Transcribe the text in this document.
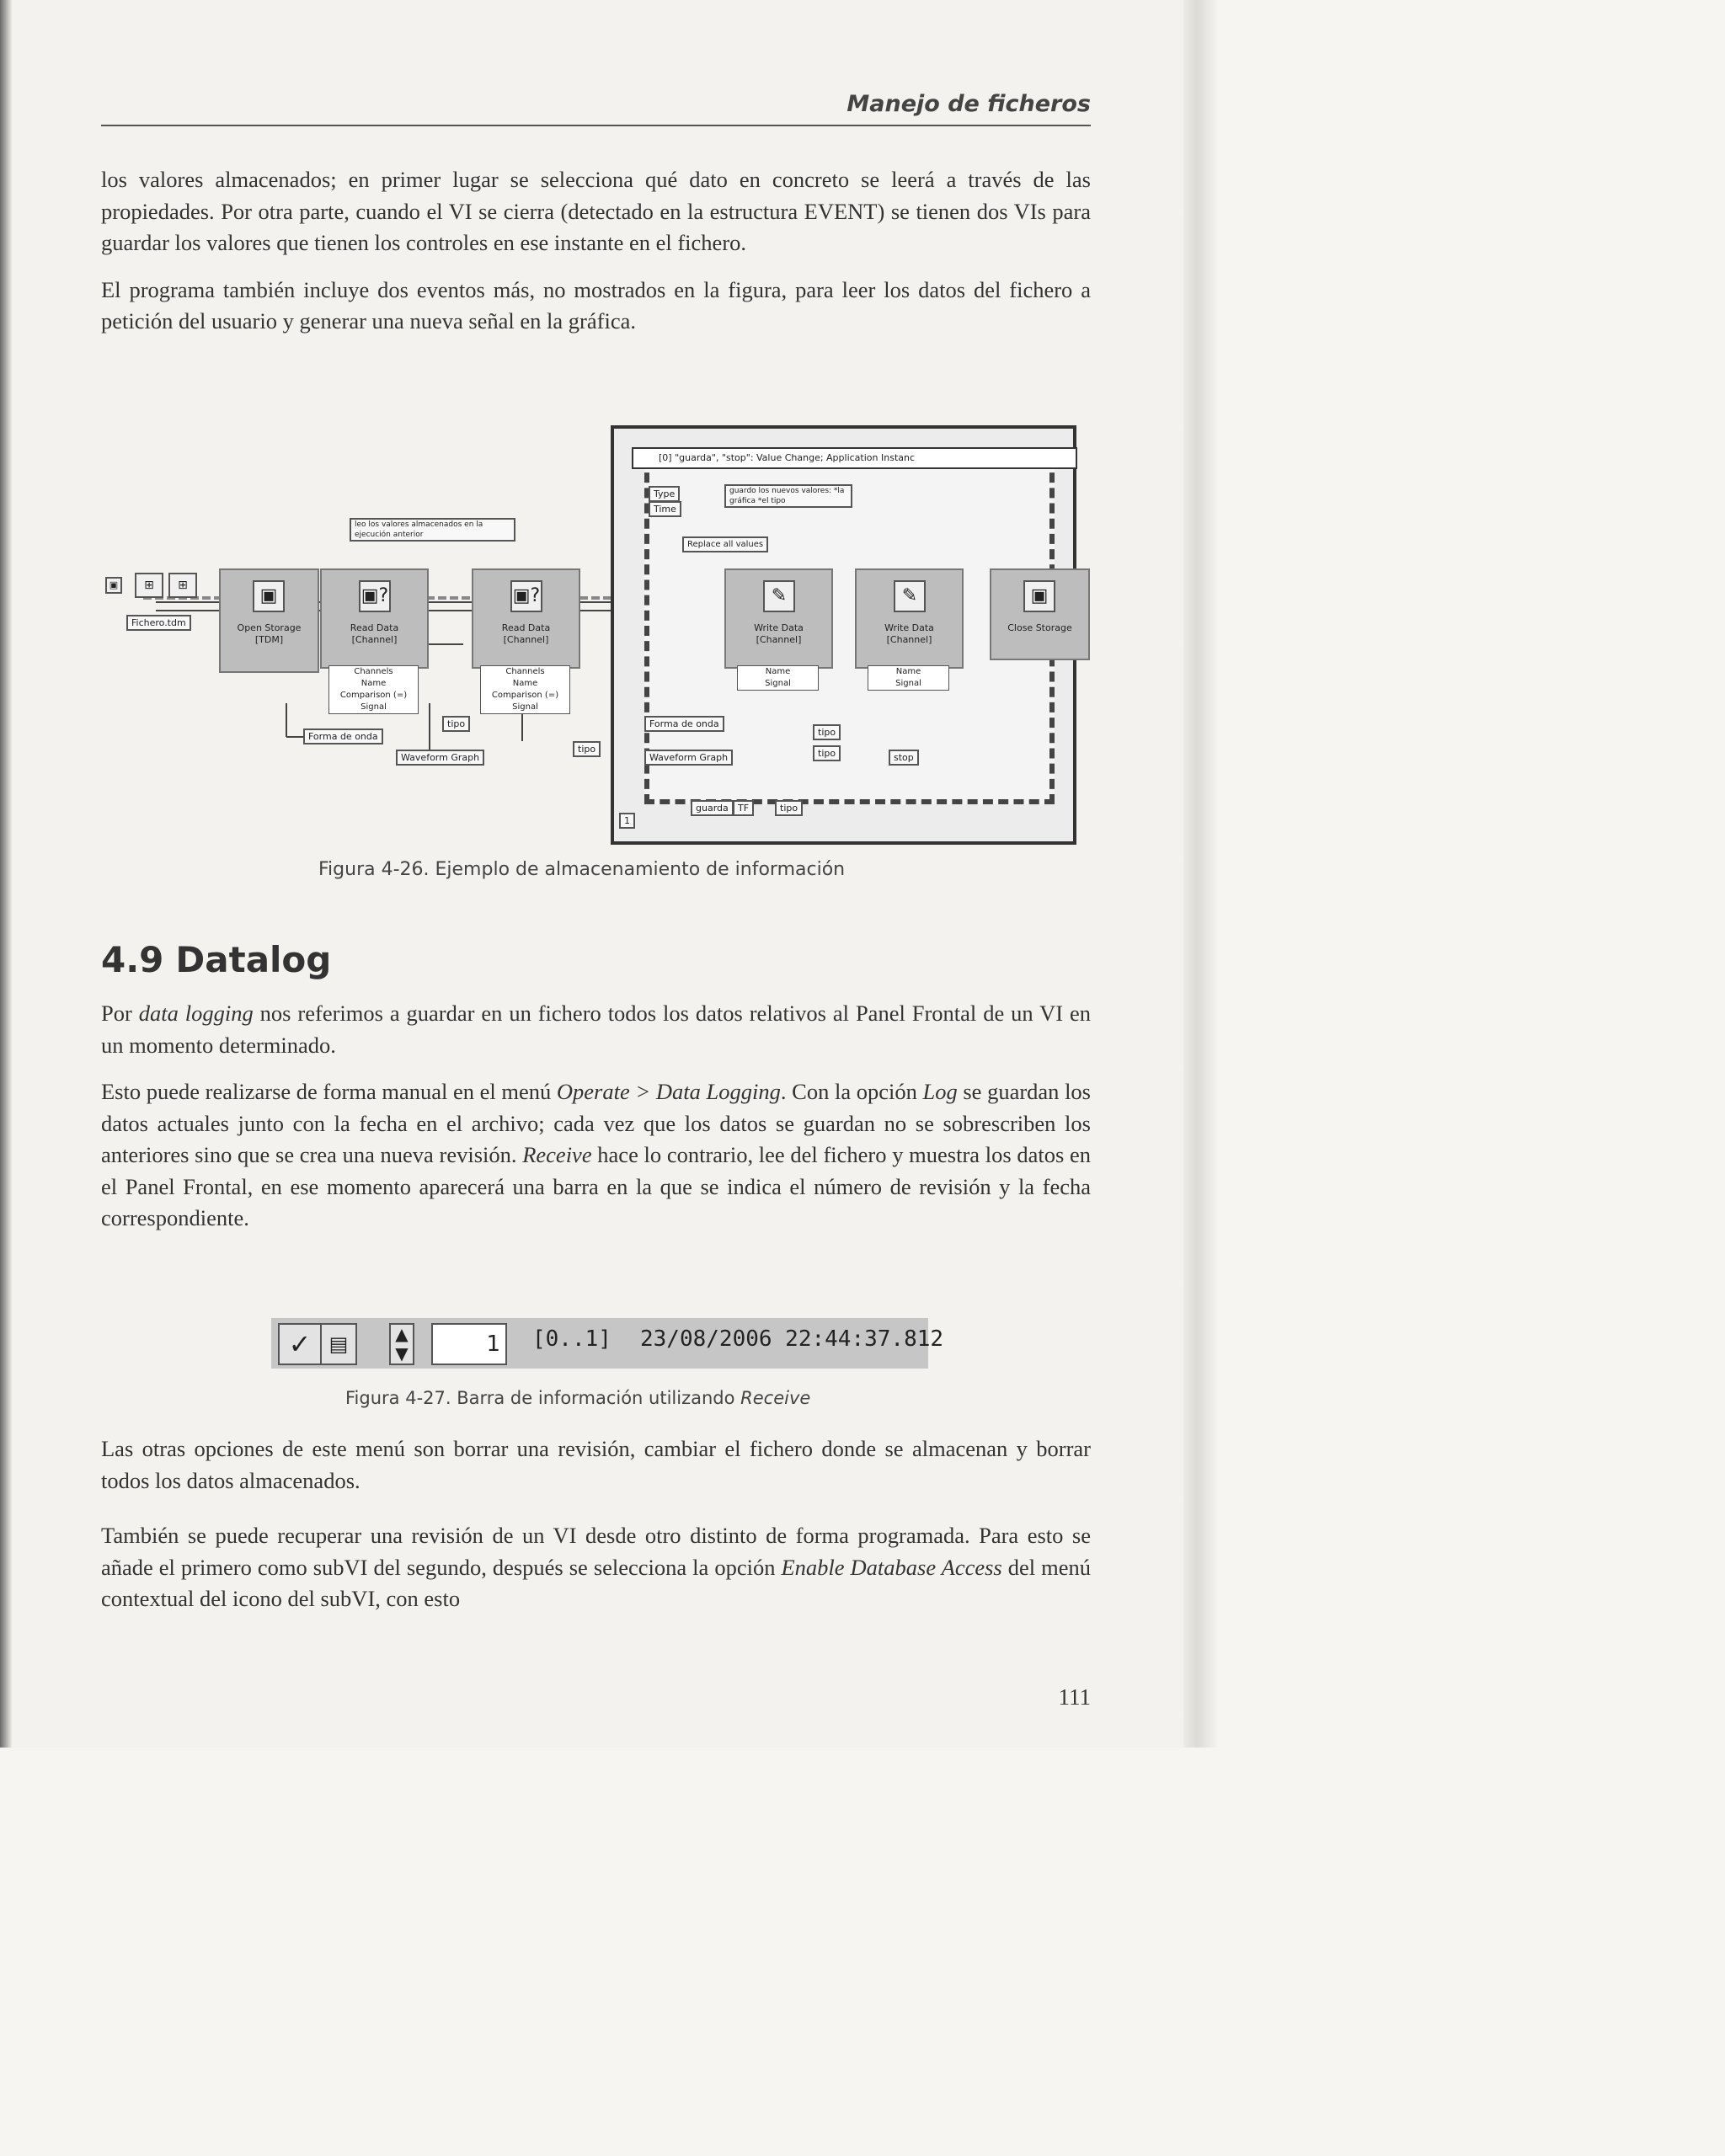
Manejo de ficheros

los valores almacenados; en primer lugar se selecciona qué dato en concreto se leerá a través de las propiedades. Por otra parte, cuando el VI se cierra (detectado en la estructura EVENT) se tienen dos VIs para guardar los valores que tienen los controles en ese instante en el fichero.

El programa también incluye dos eventos más, no mostrados en la figura, para leer los datos del fichero a petición del usuario y generar una nueva señal en la gráfica.

▣	⊞	⊞
Fichero.tdm
leo los valores almacenados en la ejecución anterior
▣
Open Storage
[TDM]
▣?
Read Data
[Channel]
Channels
Name
Comparison (=)
Signal
▣?
Read Data
[Channel]
Channels
Name
Comparison (=)
Signal
Forma de onda
Waveform Graph
tipo
tipo
[0] "guarda", "stop": Value Change; Application Instanc
Type
Time
guardo los nuevos valores: *la gráfica *el tipo
Replace all values
✎
Write Data
[Channel]
Name
Signal
✎
Write Data
[Channel]
Name
Signal
Forma de onda
Waveform Graph
tipo
tipo	stop
guarda	TF	tipo
1
▣
Close Storage
Figura 4-26. Ejemplo de almacenamiento de información
4.9 Datalog

Por data logging nos referimos a guardar en un fichero todos los datos relativos al Panel Frontal de un VI en un momento determinado.

Esto puede realizarse de forma manual en el menú Operate > Data Logging. Con la opción Log se guardan los datos actuales junto con la fecha en el archivo; cada vez que los datos se guardan no se sobrescriben los anteriores sino que se crea una nueva revisión. Receive hace lo contrario, lee del fichero y muestra los datos en el Panel Frontal, en ese momento aparecerá una barra en la que se indica el número de revisión y la fecha correspondiente.

✓ ▤	▲
▼	1	[0..1] 23/08/2006 22:44:37.812
Figura 4-27. Barra de información utilizando Receive

Las otras opciones de este menú son borrar una revisión, cambiar el fichero donde se almacenan y borrar todos los datos almacenados.

También se puede recuperar una revisión de un VI desde otro distinto de forma programada. Para esto se añade el primero como subVI del segundo, después se selecciona la opción Enable Database Access del menú contextual del icono del subVI, con esto

111
